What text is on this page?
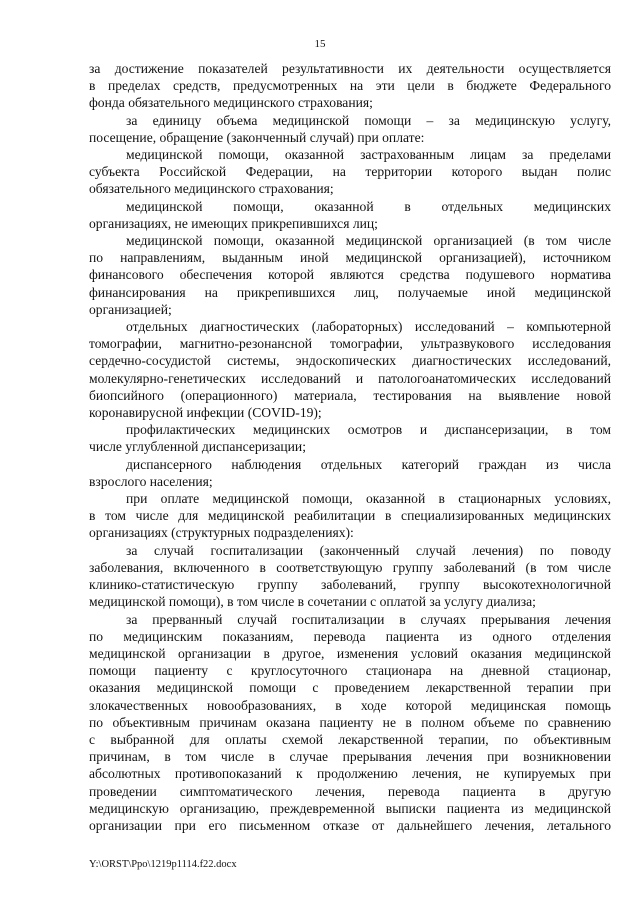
15
за достижение показателей результативности их деятельности осуществляется
в пределах средств, предусмотренных на эти цели в бюджете Федерального
фонда обязательного медицинского страхования;
за единицу объема медицинской помощи – за медицинскую услугу,
посещение, обращение (законченный случай) при оплате:
медицинской помощи, оказанной застрахованным лицам за пределами
субъекта Российской Федерации, на территории которого выдан полис
обязательного медицинского страхования;
медицинской помощи, оказанной в отдельных медицинских
организациях, не имеющих прикрепившихся лиц;
медицинской помощи, оказанной медицинской организацией (в том числе
по направлениям, выданным иной медицинской организацией), источником
финансового обеспечения которой являются средства подушевого норматива
финансирования на прикрепившихся лиц, получаемые иной медицинской
организацией;
отдельных диагностических (лабораторных) исследований – компьютерной
томографии, магнитно-резонансной томографии, ультразвукового исследования
сердечно-сосудистой системы, эндоскопических диагностических исследований,
молекулярно-генетических исследований и патологоанатомических исследований
биопсийного (операционного) материала, тестирования на выявление новой
коронавирусной инфекции (COVID-19);
профилактических медицинских осмотров и диспансеризации, в том
числе углубленной диспансеризации;
диспансерного наблюдения отдельных категорий граждан из числа
взрослого населения;
при оплате медицинской помощи, оказанной в стационарных условиях,
в том числе для медицинской реабилитации в специализированных медицинских
организациях (структурных подразделениях):
за случай госпитализации (законченный случай лечения) по поводу
заболевания, включенного в соответствующую группу заболеваний (в том числе
клинико-статистическую группу заболеваний, группу высокотехнологичной
медицинской помощи), в том числе в сочетании с оплатой за услугу диализа;
за прерванный случай госпитализации в случаях прерывания лечения
по медицинским показаниям, перевода пациента из одного отделения
медицинской организации в другое, изменения условий оказания медицинской
помощи пациенту с круглосуточного стационара на дневной стационар,
оказания медицинской помощи с проведением лекарственной терапии при
злокачественных новообразованиях, в ходе которой медицинская помощь
по объективным причинам оказана пациенту не в полном объеме по сравнению
с выбранной для оплаты схемой лекарственной терапии, по объективным
причинам, в том числе в случае прерывания лечения при возникновении
абсолютных противопоказаний к продолжению лечения, не купируемых при
проведении симптоматического лечения, перевода пациента в другую
медицинскую организацию, преждевременной выписки пациента из медицинской
организации при его письменном отказе от дальнейшего лечения, летального
Y:\ORST\Ppo\1219p1114.f22.docx
